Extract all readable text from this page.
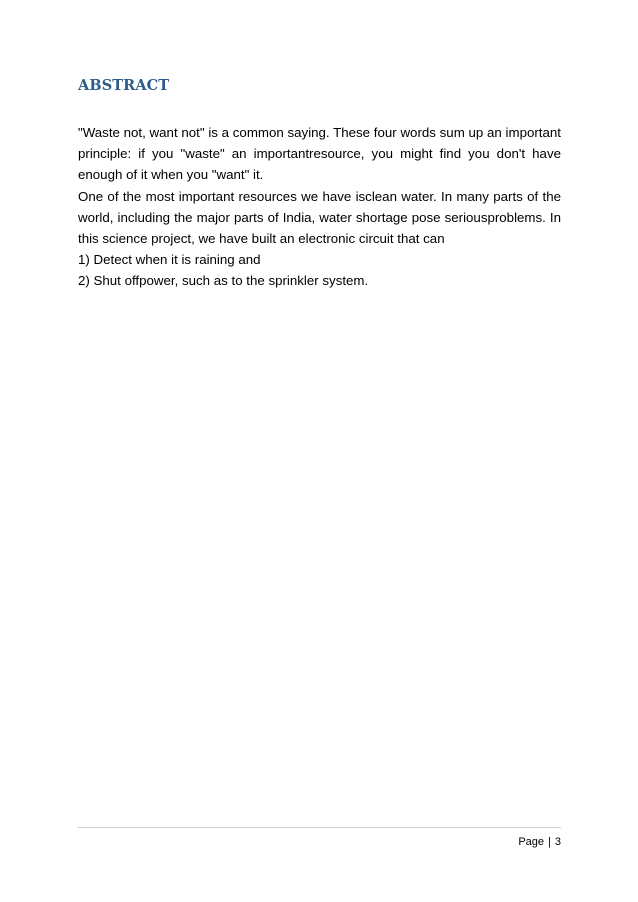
ABSTRACT

"Waste not, want not" is a common saying. These four words sum up an important principle: if you "waste" an importantresource, you might find you don't have enough of it when you "want" it.

One of the most important resources we have isclean water. In many parts of the world, including the major parts of India, water shortage pose seriousproblems. In this science project, we have built an electronic circuit that can

1) Detect when it is raining and

2) Shut offpower, such as to the sprinkler system.

Page | 3
